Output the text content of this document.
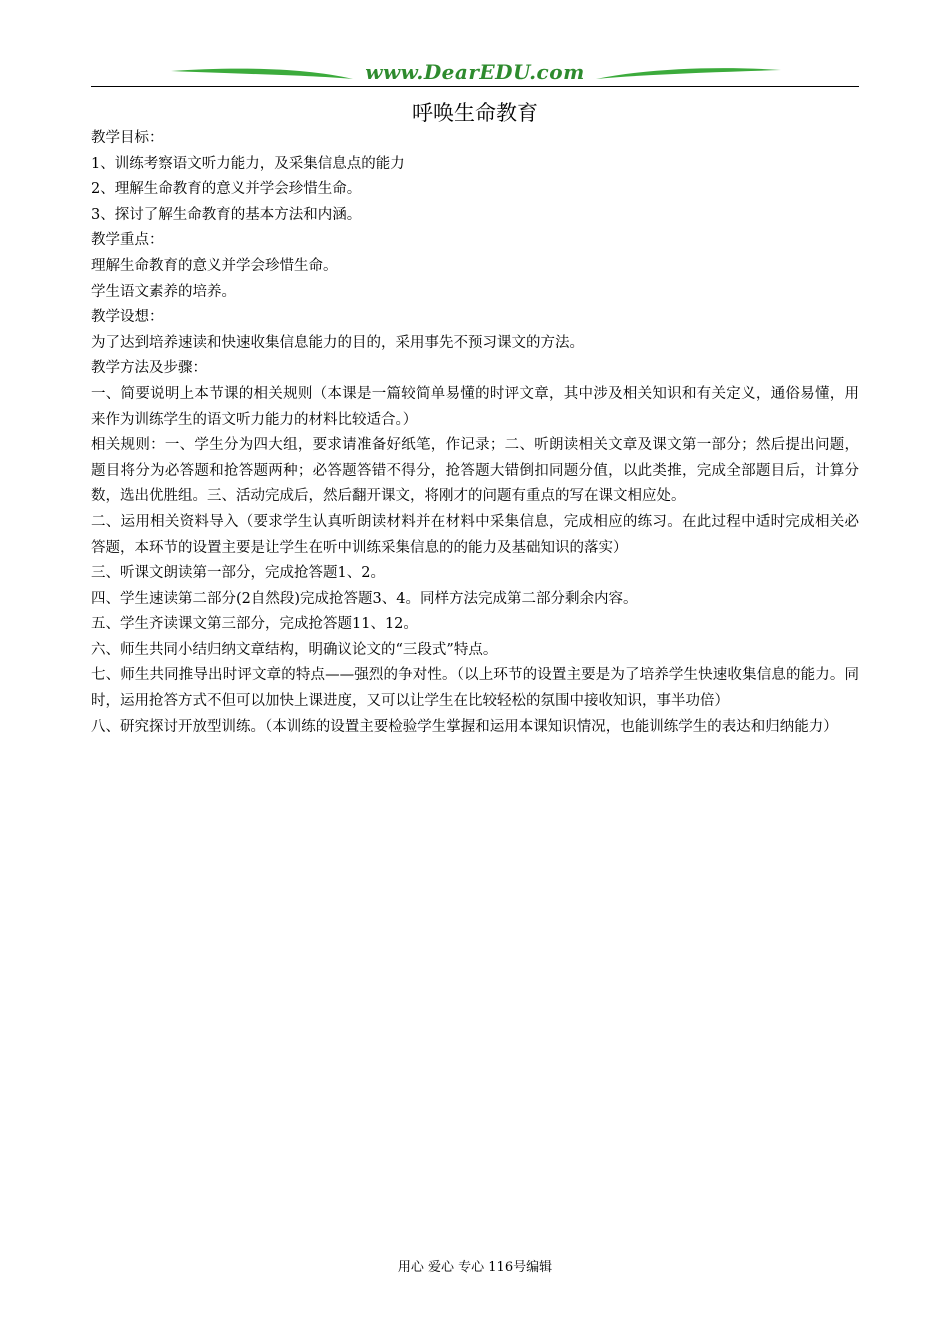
www.DearEDU.com
呼唤生命教育

教学目标：

1、训练考察语文听力能力，及采集信息点的能力

2、理解生命教育的意义并学会珍惜生命。

3、探讨了解生命教育的基本方法和内涵。

教学重点：

理解生命教育的意义并学会珍惜生命。

学生语文素养的培养。

教学设想：

为了达到培养速读和快速收集信息能力的目的，采用事先不预习课文的方法。

教学方法及步骤：

一、简要说明上本节课的相关规则（本课是一篇较简单易懂的时评文章，其中涉及相关知识和有关定义，通俗易懂，用来作为训练学生的语文听力能力的材料比较适合。）

相关规则：一、学生分为四大组，要求请准备好纸笔，作记录；二、听朗读相关文章及课文第一部分；然后提出问题，题目将分为必答题和抢答题两种；必答题答错不得分，抢答题大错倒扣同题分值，以此类推，完成全部题目后，计算分数，选出优胜组。三、活动完成后，然后翻开课文，将刚才的问题有重点的写在课文相应处。

二、运用相关资料导入（要求学生认真听朗读材料并在材料中采集信息，完成相应的练习。在此过程中适时完成相关必答题，本环节的设置主要是让学生在听中训练采集信息的的能力及基础知识的落实）

三、听课文朗读第一部分，完成抢答题1、2。

四、学生速读第二部分(2自然段)完成抢答题3、4。同样方法完成第二部分剩余内容。

五、学生齐读课文第三部分，完成抢答题11、12。

六、师生共同小结归纳文章结构，明确议论文的“三段式”特点。

七、师生共同推导出时评文章的特点——强烈的争对性。（以上环节的设置主要是为了培养学生快速收集信息的能力。同时，运用抢答方式不但可以加快上课进度，又可以让学生在比较轻松的氛围中接收知识，事半功倍）

八、研究探讨开放型训练。（本训练的设置主要检验学生掌握和运用本课知识情况，也能训练学生的表达和归纳能力）

用心 爱心 专心 116号编辑
